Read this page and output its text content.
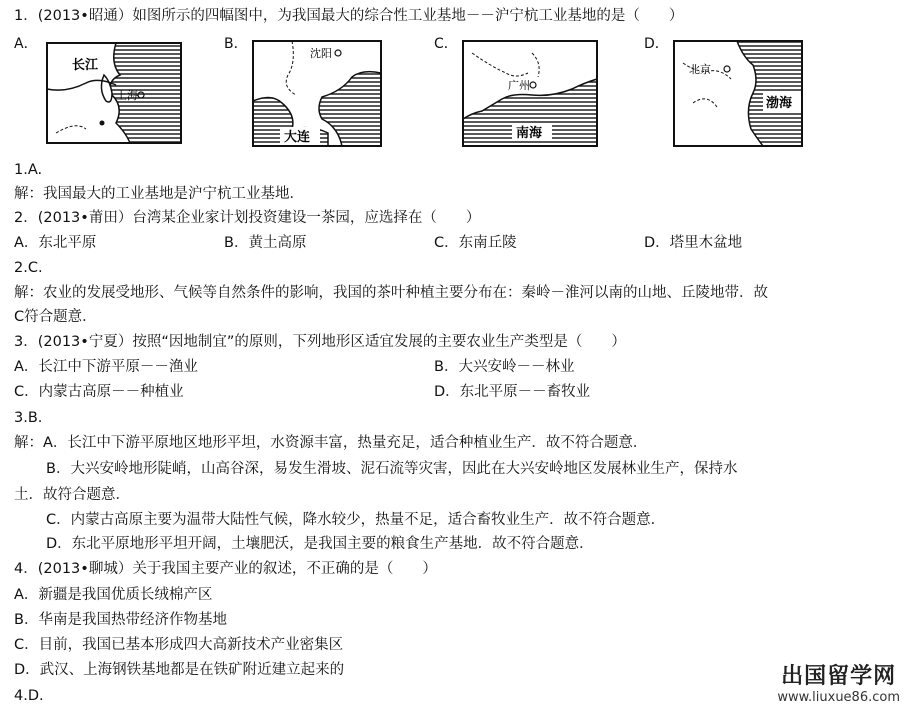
1．(2013•昭通）如图所示的四幅图中，为我国最大的综合性工业基地－－沪宁杭工业基地的是（　　）
A．	B．	C．	D．
长江
上海
沈阳
大连
广州
南海
北京
渤海
1.A.
解：我国最大的工业基地是沪宁杭工业基地．
2．(2013•莆田）台湾某企业家计划投资建设一茶园，应选择在（　　）
A．东北平原	B．黄土高原	C．东南丘陵	D．塔里木盆地
2.C.
解：农业的发展受地形、气候等自然条件的影响，我国的茶叶种植主要分布在：秦岭－淮河以南的山地、丘陵地带．故
C符合题意．
3．(2013•宁夏）按照“因地制宜”的原则，下列地形区适宜发展的主要农业生产类型是（　　）
A．长江中下游平原－－渔业	B．大兴安岭－－林业
C．内蒙古高原－－种植业	D．东北平原－－畜牧业
3.B.
解：A．长江中下游平原地区地形平坦，水资源丰富，热量充足，适合种植业生产．故不符合题意．
B．大兴安岭地形陡峭，山高谷深，易发生滑坡、泥石流等灾害，因此在大兴安岭地区发展林业生产，保持水
土．故符合题意．
C．内蒙古高原主要为温带大陆性气候，降水较少，热量不足，适合畜牧业生产．故不符合题意．
D．东北平原地形平坦开阔，土壤肥沃，是我国主要的粮食生产基地．故不符合题意．
4．(2013•聊城）关于我国主要产业的叙述，不正确的是（　　）
A．新疆是我国优质长绒棉产区
B．华南是我国热带经济作物基地
C．目前，我国已基本形成四大高新技术产业密集区
D．武汉、上海钢铁基地都是在铁矿附近建立起来的
4.D.
出国留学网
www.liuxue86.com
